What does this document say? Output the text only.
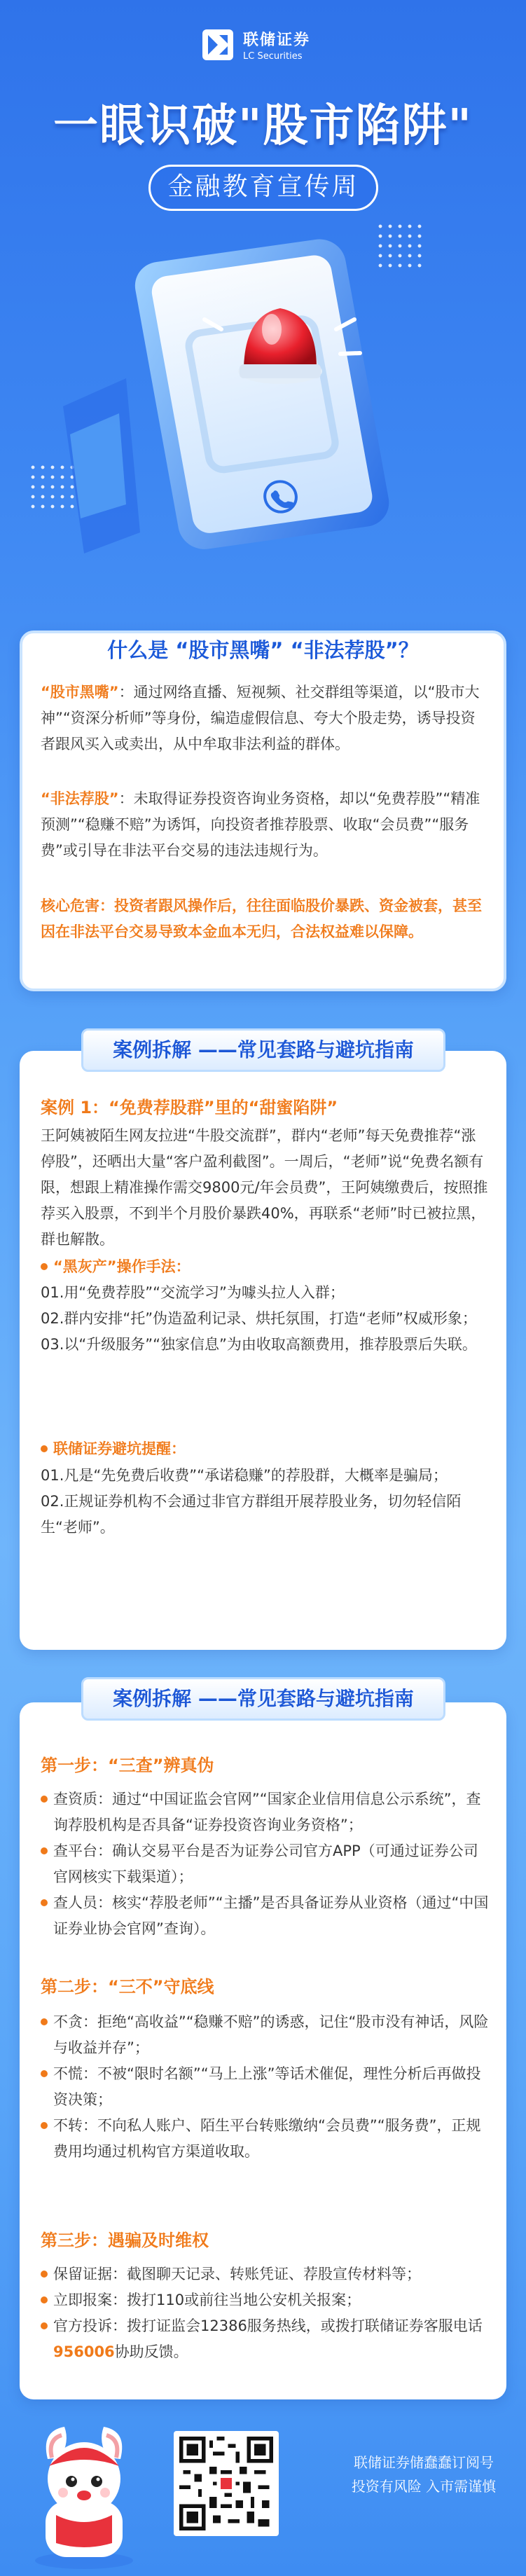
联储证券
LC Securities
一眼识破"股市陷阱"
金融教育宣传周
什么是 “股市黑嘴” “非法荐股”？
“股市黑嘴”：通过网络直播、短视频、社交群组等渠道，以“股市大神”“资深分析师”等身份，编造虚假信息、夸大个股走势，诱导投资者跟风买入或卖出，从中牟取非法利益的群体。
“非法荐股”：未取得证券投资咨询业务资格，却以“免费荐股”“精准预测”“稳赚不赔”为诱饵，向投资者推荐股票、收取“会员费”“服务费”或引导在非法平台交易的违法违规行为。
核心危害：投资者跟风操作后，往往面临股价暴跌、资金被套，甚至因在非法平台交易导致本金血本无归，合法权益难以保障。
案例拆解 ——常见套路与避坑指南
案例 1：“免费荐股群”里的“甜蜜陷阱”
王阿姨被陌生网友拉进“牛股交流群”，群内“老师”每天免费推荐“涨停股”，还晒出大量“客户盈利截图”。一周后，“老师”说“免费名额有限，想跟上精准操作需交9800元/年会员费”，王阿姨缴费后，按照推荐买入股票，不到半个月股价暴跌40%，再联系“老师”时已被拉黑，群也解散。
“黑灰产”操作手法：
01.用“免费荐股”“交流学习”为噱头拉人入群；
02.群内安排“托”伪造盈利记录、烘托氛围，打造“老师”权威形象；
03.以“升级服务”“独家信息”为由收取高额费用，推荐股票后失联。
联储证券避坑提醒：
01.凡是“先免费后收费”“承诺稳赚”的荐股群，大概率是骗局；
02.正规证券机构不会通过非官方群组开展荐股业务，切勿轻信陌生“老师”。
案例拆解 ——常见套路与避坑指南
第一步：“三查”辨真伪
查资质：通过“中国证监会官网”“国家企业信用信息公示系统”，查询荐股机构是否具备“证券投资咨询业务资格”；
查平台：确认交易平台是否为证券公司官方APP（可通过证券公司官网核实下载渠道）；
查人员：核实“荐股老师”“主播”是否具备证券从业资格（通过“中国证券业协会官网”查询）。
第二步：“三不”守底线
不贪：拒绝“高收益”“稳赚不赔”的诱惑，记住“股市没有神话，风险与收益并存”；
不慌：不被“限时名额”“马上上涨”等话术催促，理性分析后再做投资决策；
不转：不向私人账户、陌生平台转账缴纳“会员费”“服务费”，正规费用均通过机构官方渠道收取。
第三步：遇骗及时维权
保留证据：截图聊天记录、转账凭证、荐股宣传材料等；
立即报案：拨打110或前往当地公安机关报案；
官方投诉：拨打证监会12386服务热线，或拨打联储证券客服电话956006协助反馈。
联储证券储蠢蠢订阅号
投资有风险 入市需谨慎
